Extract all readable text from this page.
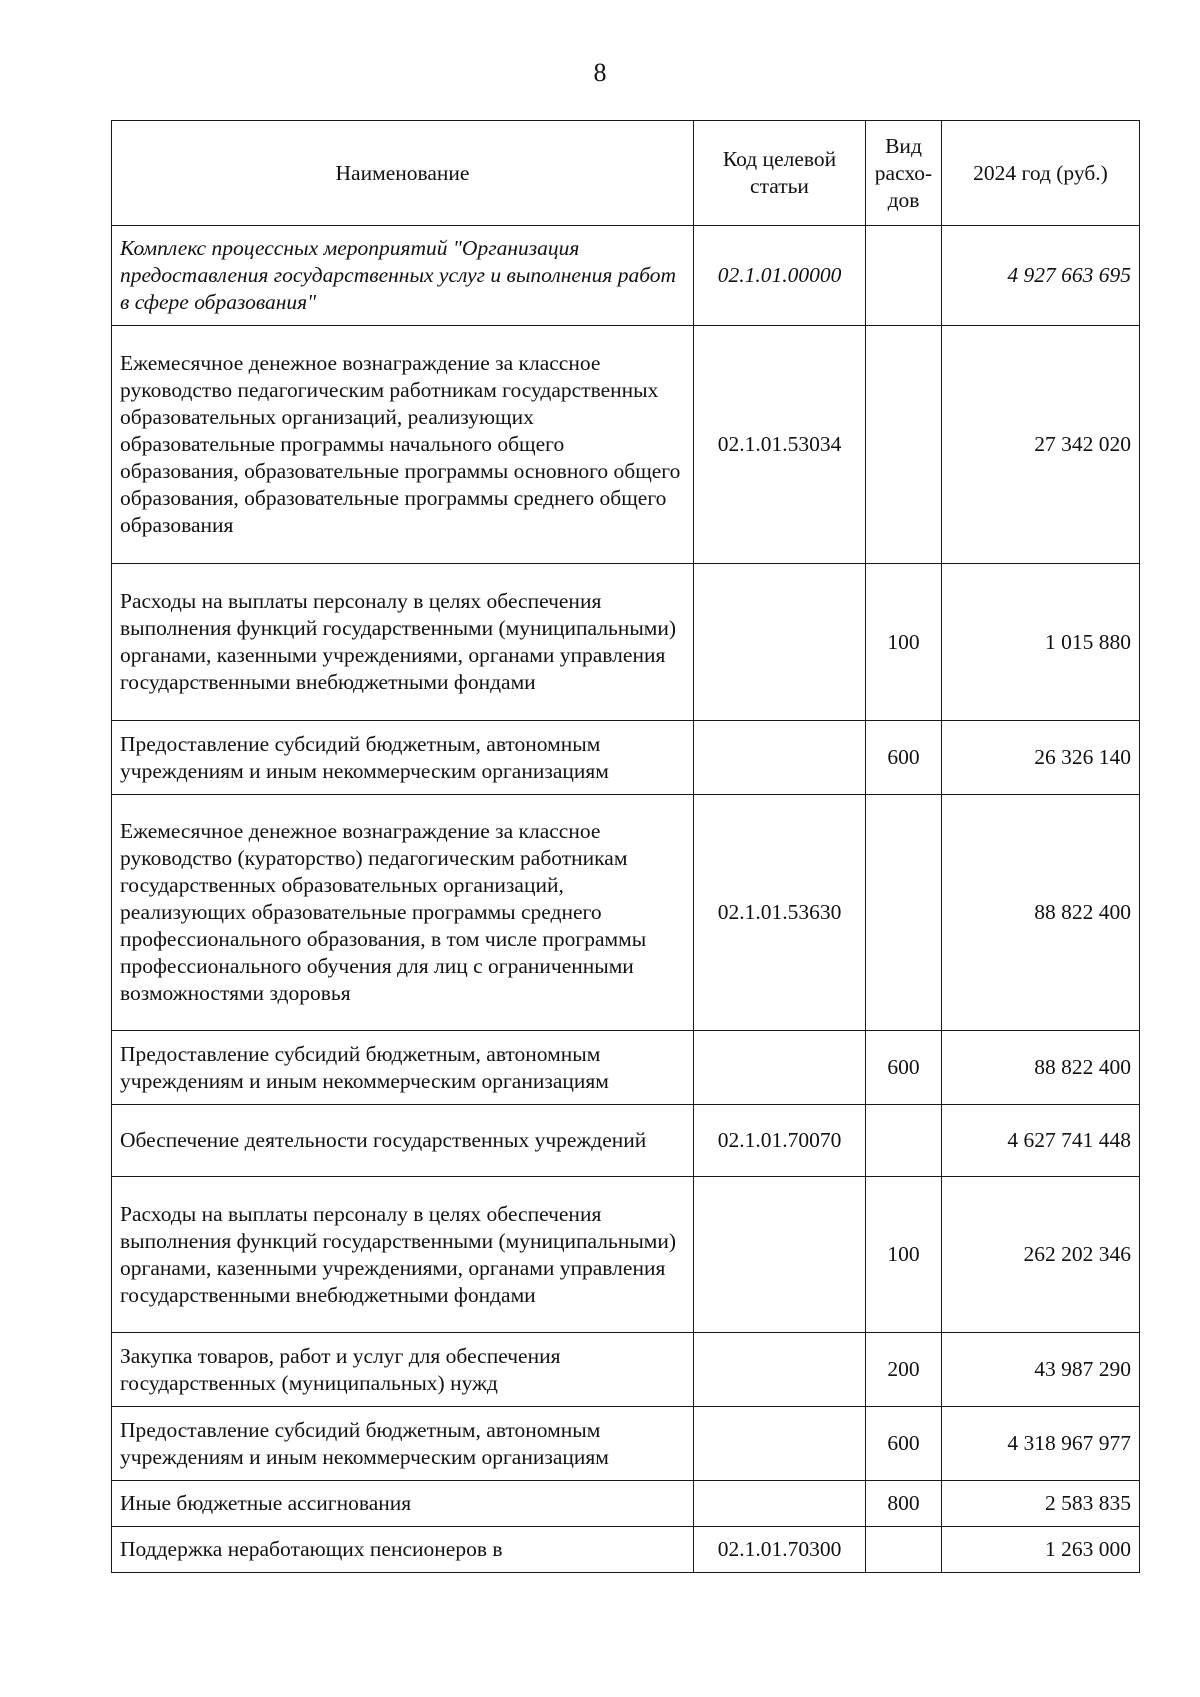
8
Наименование	Код целевой статьи	Вид расхо-дов	2024 год (руб.)
Комплекс процессных мероприятий "Организация предоставления государственных услуг и выполнения работ в сфере образования"	02.1.01.00000		4 927 663 695
Ежемесячное денежное вознаграждение за классное руководство педагогическим работникам государственных образовательных организаций, реализующих образовательные программы начального общего образования, образовательные программы основного общего образования, образовательные программы среднего общего образования	02.1.01.53034		27 342 020
Расходы на выплаты персоналу в целях обеспечения выполнения функций государственными (муниципальными) органами, казенными учреждениями, органами управления государственными внебюджетными фондами		100	1 015 880
Предоставление субсидий бюджетным, автономным учреждениям и иным некоммерческим организациям		600	26 326 140
Ежемесячное денежное вознаграждение за классное руководство (кураторство) педагогическим работникам государственных образовательных организаций, реализующих образовательные программы среднего профессионального образования, в том числе программы профессионального обучения для лиц с ограниченными возможностями здоровья	02.1.01.53630		88 822 400
Предоставление субсидий бюджетным, автономным учреждениям и иным некоммерческим организациям		600	88 822 400
Обеспечение деятельности государственных учреждений	02.1.01.70070		4 627 741 448
Расходы на выплаты персоналу в целях обеспечения выполнения функций государственными (муниципальными) органами, казенными учреждениями, органами управления государственными внебюджетными фондами		100	262 202 346
Закупка товаров, работ и услуг для обеспечения государственных (муниципальных) нужд		200	43 987 290
Предоставление субсидий бюджетным, автономным учреждениям и иным некоммерческим организациям		600	4 318 967 977
Иные бюджетные ассигнования		800	2 583 835
Поддержка неработающих пенсионеров в	02.1.01.70300		1 263 000
